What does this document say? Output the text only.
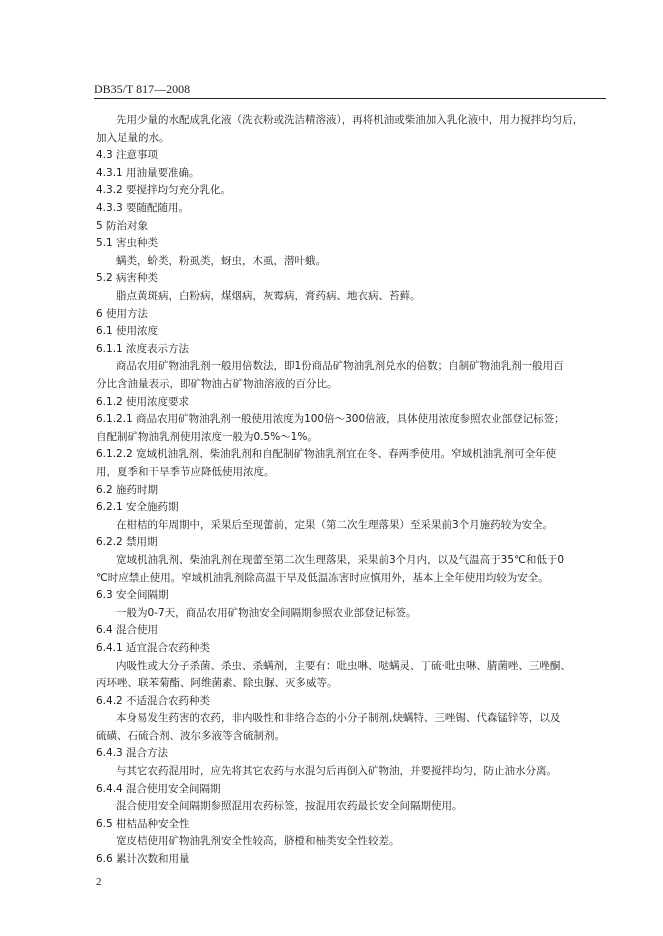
DB35/T 817—2008
先用少量的水配成乳化液（洗衣粉或洗洁精溶液），再将机油或柴油加入乳化液中，用力搅拌均匀后，
加入足量的水。
4.3 注意事项
4.3.1 用油量要准确。
4.3.2 要搅拌均匀充分乳化。
4.3.3 要随配随用。
5 防治对象
5.1 害虫种类
螨类，蚧类，粉虱类，蚜虫，木虱，潜叶蛾。
5.2 病害种类
脂点黄斑病，白粉病，煤烟病，灰霉病，膏药病、地衣病、苔藓。
6 使用方法
6.1 使用浓度
6.1.1 浓度表示方法
商品农用矿物油乳剂一般用倍数法，即1份商品矿物油乳剂兑水的倍数；自制矿物油乳剂一般用百
分比含油量表示，即矿物油占矿物油溶液的百分比。
6.1.2 使用浓度要求
6.1.2.1 商品农用矿物油乳剂一般使用浓度为100倍～300倍液，具体使用浓度参照农业部登记标签；
自配制矿物油乳剂使用浓度一般为0.5%～1%。
6.1.2.2 宽域机油乳剂、柴油乳剂和自配制矿物油乳剂宜在冬、春两季使用。窄域机油乳剂可全年使
用，夏季和干旱季节应降低使用浓度。
6.2 施药时期
6.2.1 安全施药期
在柑桔的年周期中，采果后至现蕾前，定果（第二次生理落果）至采果前3个月施药较为安全。
6.2.2 禁用期
宽域机油乳剂、柴油乳剂在现蕾至第二次生理落果，采果前3个月内，以及气温高于35℃和低于0
℃时应禁止使用。窄域机油乳剂除高温干旱及低温冻害时应慎用外，基本上全年使用均较为安全。
6.3 安全间隔期
一般为0-7天，商品农用矿物油安全间隔期参照农业部登记标签。
6.4 混合使用
6.4.1 适宜混合农药种类
内吸性或大分子杀菌、杀虫、杀螨剂，主要有：吡虫啉、哒螨灵、丁硫·吡虫啉、腈菌唑、三唑酮、
丙环唑、联苯菊酯、阿维菌素、除虫脲、灭多威等。
6.4.2 不适混合农药种类
本身易发生药害的农药，非内吸性和非络合态的小分子制剂,炔螨特、三唑锡、代森锰锌等，以及
硫磺、石硫合剂、波尔多液等含硫制剂。
6.4.3 混合方法
与其它农药混用时，应先将其它农药与水混匀后再倒入矿物油，并要搅拌均匀，防止油水分离。
6.4.4 混合使用安全间隔期
混合使用安全间隔期参照混用农药标签，按混用农药最长安全间隔期使用。
6.5 柑桔品种安全性
宽皮桔使用矿物油乳剂安全性较高，脐橙和柚类安全性较差。
6.6 累计次数和用量
2
